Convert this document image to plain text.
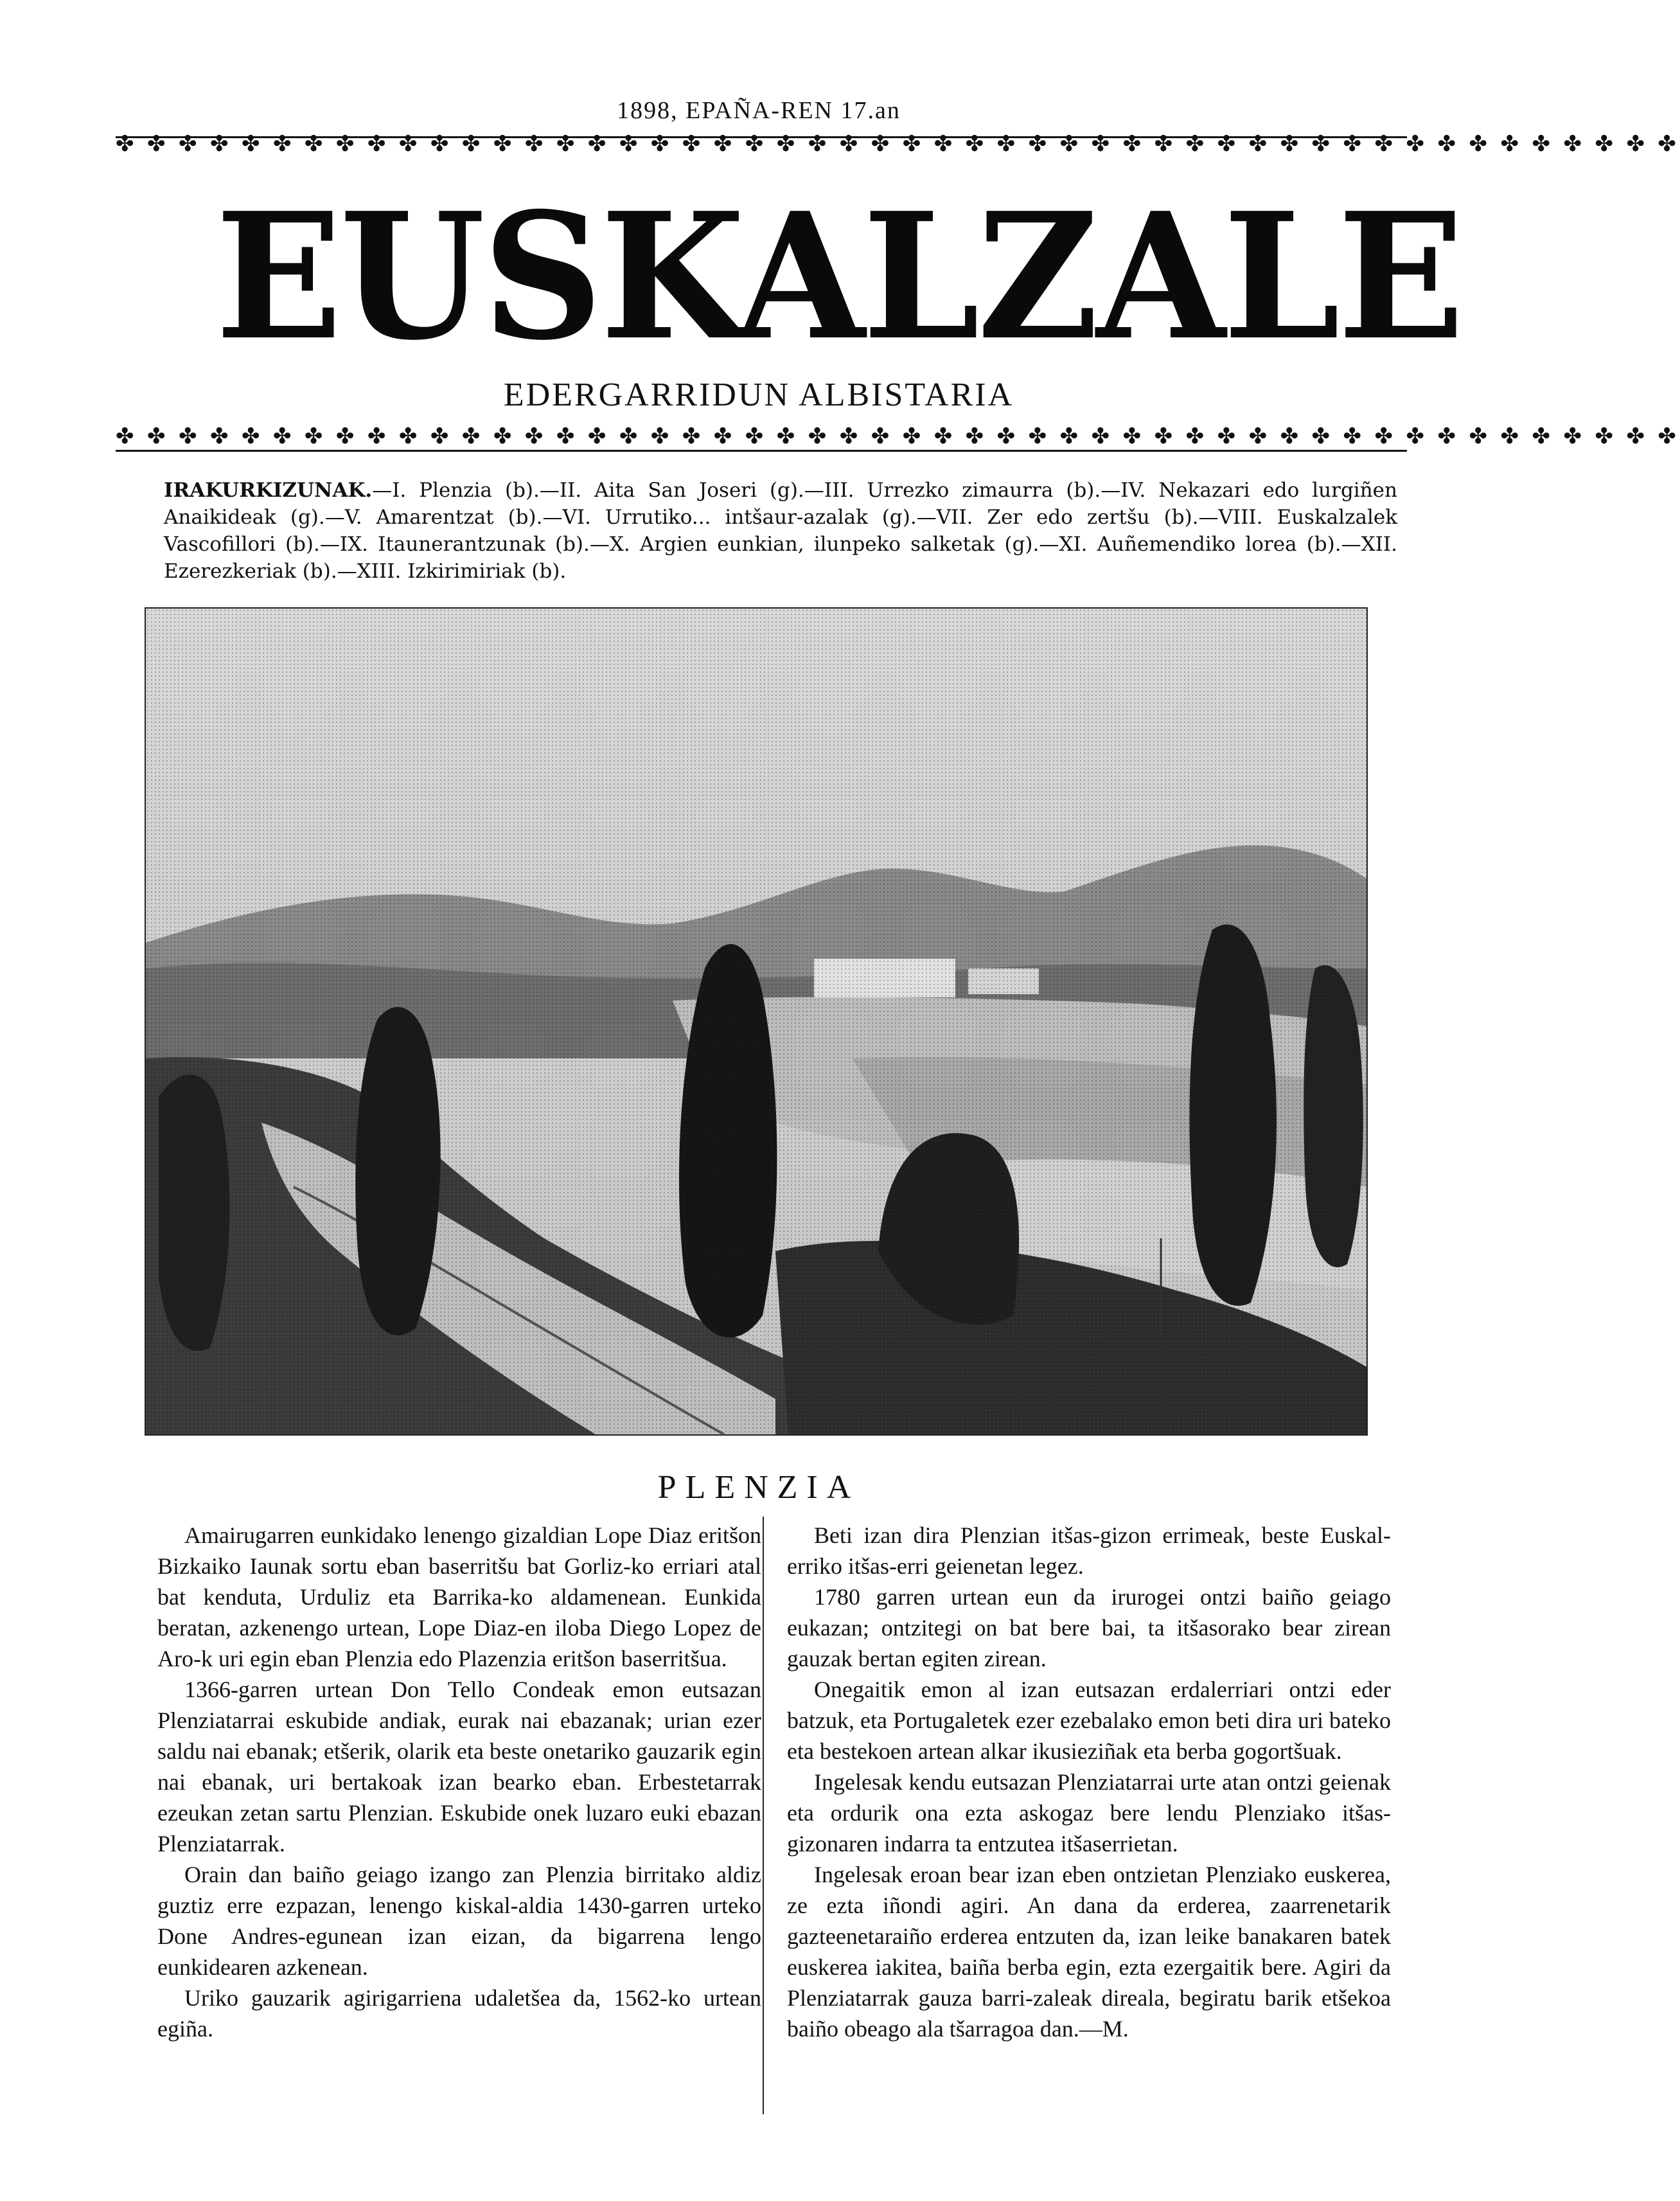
1898, EPAÑA-REN 17.an
✤ ✤ ✤ ✤ ✤ ✤ ✤ ✤ ✤ ✤ ✤ ✤ ✤ ✤ ✤ ✤ ✤ ✤ ✤ ✤ ✤ ✤ ✤ ✤ ✤ ✤ ✤ ✤ ✤ ✤ ✤ ✤ ✤ ✤ ✤ ✤ ✤ ✤ ✤ ✤ ✤ ✤ ✤ ✤ ✤ ✤ ✤ ✤ ✤ ✤
EUSKALZALE
EDERGARRIDUN ALBISTARIA
✤ ✤ ✤ ✤ ✤ ✤ ✤ ✤ ✤ ✤ ✤ ✤ ✤ ✤ ✤ ✤ ✤ ✤ ✤ ✤ ✤ ✤ ✤ ✤ ✤ ✤ ✤ ✤ ✤ ✤ ✤ ✤ ✤ ✤ ✤ ✤ ✤ ✤ ✤ ✤ ✤ ✤ ✤ ✤ ✤ ✤ ✤ ✤ ✤ ✤
IRAKURKIZUNAK.—I. Plenzia (b).—II. Aita San Joseri (g).—III. Urrezko zimaurra (b).—IV. Nekazari edo lurgiñen Anaikideak (g).—V. Amarentzat (b).—VI. Urrutiko... intšaur-azalak (g).—VII. Zer edo zertšu (b).—VIII. Euskalzalek Vascofillori (b).—IX. Itaunerantzunak (b).—X. Argien eunkian, ilunpeko salketak (g).—XI. Auñemendiko lorea (b).—XII. Ezerezkeriak (b).—XIII. Izkirimiriak (b).
PLENZIA

Amairugarren eunkidako lenengo gizaldian Lope Diaz eritšon Bizkaiko Iaunak sortu eban baserritšu bat Gorliz-ko erriari atal bat kenduta, Urduliz eta Barrika-ko aldamenean. Eunkida beratan, azkenengo urtean, Lope Diaz-en iloba Diego Lopez de Aro-k uri egin eban Plenzia edo Plazenzia eritšon baserritšua.

1366-garren urtean Don Tello Condeak emon eutsazan Plenziatarrai eskubide andiak, eurak nai ebazanak; urian ezer saldu nai ebanak; etšerik, olarik eta beste onetariko gauzarik egin nai ebanak, uri bertakoak izan bearko eban. Erbestetarrak ezeukan zetan sartu Plenzian. Eskubide onek luzaro euki ebazan Plenziatarrak.

Orain dan baiño geiago izango zan Plenzia birritako aldiz guztiz erre ezpazan, lenengo kiskal-aldia 1430-garren urteko Done Andres-egunean izan eizan, da bigarrena lengo eunkidearen azkenean.

Uriko gauzarik agirigarriena udaletšea da, 1562-ko urtean egiña.

Beti izan dira Plenzian itšas-gizon errimeak, beste Euskal-erriko itšas-erri geienetan legez.

1780 garren urtean eun da irurogei ontzi baiño geiago eukazan; ontzitegi on bat bere bai, ta itšasorako bear zirean gauzak bertan egiten zirean.

Onegaitik emon al izan eutsazan erdalerriari ontzi eder batzuk, eta Portugaletek ezer ezebalako emon beti dira uri bateko eta bestekoen artean alkar ikusieziñak eta berba gogortšuak.

Ingelesak kendu eutsazan Plenziatarrai urte atan ontzi geienak eta ordurik ona ezta askogaz bere lendu Plenziako itšas-gizonaren indarra ta entzutea itšaserrietan.

Ingelesak eroan bear izan eben ontzietan Plenziako euskerea, ze ezta iñondi agiri. An dana da erderea, zaarrenetarik gazteenetaraiño erderea entzuten da, izan leike banakaren batek euskerea iakitea, baiña berba egin, ezta ezergaitik bere. Agiri da Plenziatarrak gauza barri-zaleak direala, begiratu barik etšekoa baiño obeago ala tšarragoa dan.—M.
